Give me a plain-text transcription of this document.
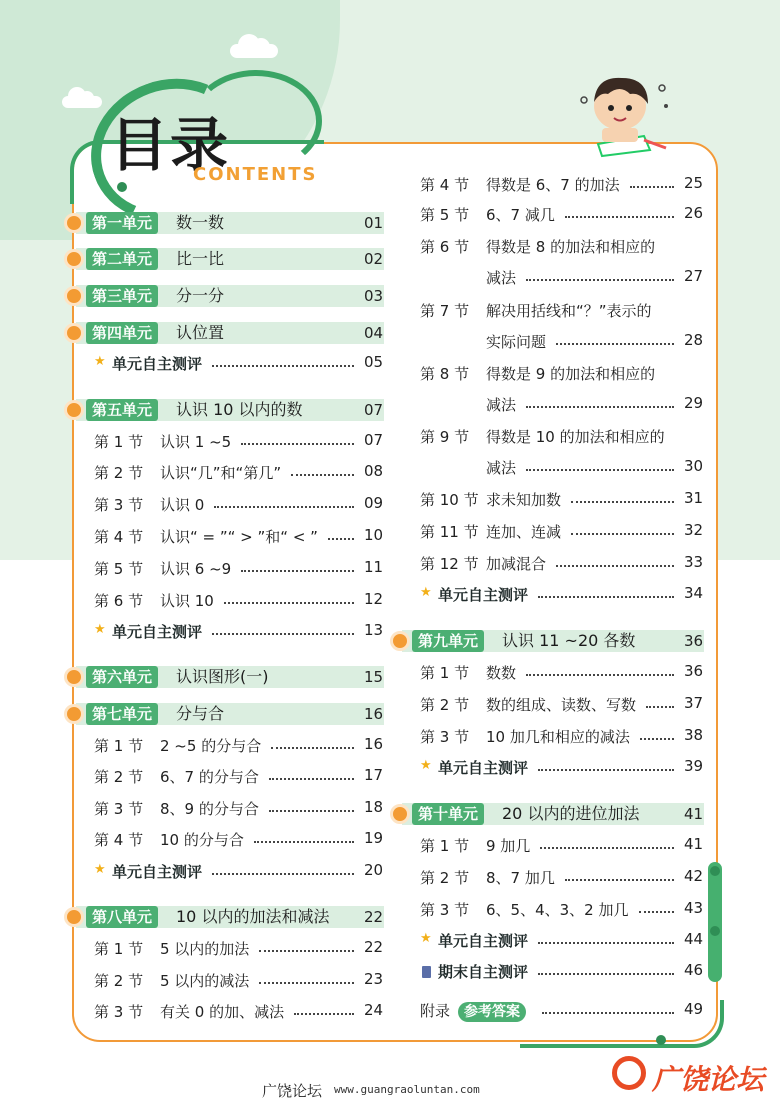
目录
CONTENTS
广饶论坛 www.guangraoluntan.com	广饶论坛
第一单元	数一数	01
第二单元	比一比	02
第三单元	分一分	03
第四单元	认位置	04
★ 单元自主测评	05
第五单元	认识 10 以内的数	07
第 1 节 认识 1 ~5	07
第 2 节 认识“几”和“第几”	08
第 3 节 认识 0	09
第 4 节 认识“ = ”“ > ”和“ < ”	10
第 5 节 认识 6 ~9	11
第 6 节 认识 10	12
★ 单元自主测评	13
第六单元	认识图形(一)	15
第七单元	分与合	16
第 1 节 2 ~5 的分与合	16
第 2 节 6、7 的分与合	17
第 3 节 8、9 的分与合	18
第 4 节 10 的分与合	19
★ 单元自主测评	20
第八单元	10 以内的加法和减法 22
第 1 节 5 以内的加法	22
第 2 节 5 以内的减法	23
第 3 节 有关 0 的加、减法	24
第 4 节 得数是 6、7 的加法	25
第 5 节 6、7 减几	26
第 6 节 得数是 8 的加法和相应的
减法	27
第 7 节 解决用括线和“？”表示的
实际问题	28
第 8 节 得数是 9 的加法和相应的
减法	29
第 9 节 得数是 10 的加法和相应的
减法	30
第 10 节 求未知加数	31
第 11 节 连加、连减	32
第 12 节 加减混合	33
★ 单元自主测评	34
第九单元	认识 11 ~20 各数	36
第 1 节 数数	36
第 2 节 数的组成、读数、写数	37
第 3 节 10 加几和相应的减法	38
★ 单元自主测评	39
第十单元	20 以内的进位加法	41
第 1 节 9 加几	41
第 2 节 8、7 加几	42
第 3 节 6、5、4、3、2 加几	43
★ 单元自主测评	44
期末自主测评	46
附录 参考答案	49
